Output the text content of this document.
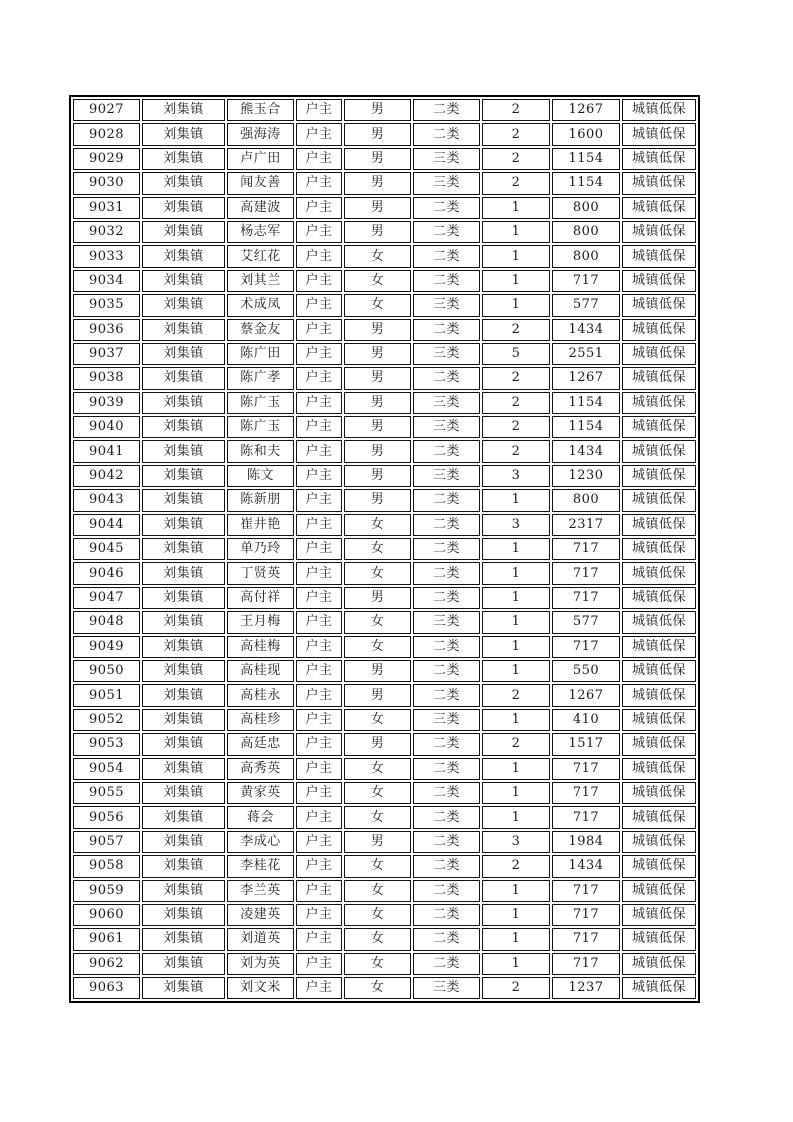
9027	刘集镇	熊玉合	户主	男	二类	2	1267	城镇低保
9028	刘集镇	强海涛	户主	男	二类	2	1600	城镇低保
9029	刘集镇	卢广田	户主	男	三类	2	1154	城镇低保
9030	刘集镇	闻友善	户主	男	三类	2	1154	城镇低保
9031	刘集镇	高建波	户主	男	二类	1	800	城镇低保
9032	刘集镇	杨志军	户主	男	二类	1	800	城镇低保
9033	刘集镇	艾红花	户主	女	二类	1	800	城镇低保
9034	刘集镇	刘其兰	户主	女	二类	1	717	城镇低保
9035	刘集镇	术成凤	户主	女	三类	1	577	城镇低保
9036	刘集镇	蔡金友	户主	男	二类	2	1434	城镇低保
9037	刘集镇	陈广田	户主	男	三类	5	2551	城镇低保
9038	刘集镇	陈广孝	户主	男	二类	2	1267	城镇低保
9039	刘集镇	陈广玉	户主	男	三类	2	1154	城镇低保
9040	刘集镇	陈广玉	户主	男	三类	2	1154	城镇低保
9041	刘集镇	陈和夫	户主	男	二类	2	1434	城镇低保
9042	刘集镇	陈文	户主	男	三类	3	1230	城镇低保
9043	刘集镇	陈新朋	户主	男	二类	1	800	城镇低保
9044	刘集镇	崔井艳	户主	女	二类	3	2317	城镇低保
9045	刘集镇	单乃玲	户主	女	二类	1	717	城镇低保
9046	刘集镇	丁贤英	户主	女	二类	1	717	城镇低保
9047	刘集镇	高付祥	户主	男	二类	1	717	城镇低保
9048	刘集镇	王月梅	户主	女	三类	1	577	城镇低保
9049	刘集镇	高桂梅	户主	女	二类	1	717	城镇低保
9050	刘集镇	高桂现	户主	男	二类	1	550	城镇低保
9051	刘集镇	高桂永	户主	男	二类	2	1267	城镇低保
9052	刘集镇	高桂珍	户主	女	三类	1	410	城镇低保
9053	刘集镇	高廷忠	户主	男	二类	2	1517	城镇低保
9054	刘集镇	高秀英	户主	女	二类	1	717	城镇低保
9055	刘集镇	黄家英	户主	女	二类	1	717	城镇低保
9056	刘集镇	蒋会	户主	女	二类	1	717	城镇低保
9057	刘集镇	李成心	户主	男	二类	3	1984	城镇低保
9058	刘集镇	李桂花	户主	女	二类	2	1434	城镇低保
9059	刘集镇	李兰英	户主	女	二类	1	717	城镇低保
9060	刘集镇	凌建英	户主	女	二类	1	717	城镇低保
9061	刘集镇	刘道英	户主	女	二类	1	717	城镇低保
9062	刘集镇	刘为英	户主	女	二类	1	717	城镇低保
9063	刘集镇	刘文米	户主	女	三类	2	1237	城镇低保
